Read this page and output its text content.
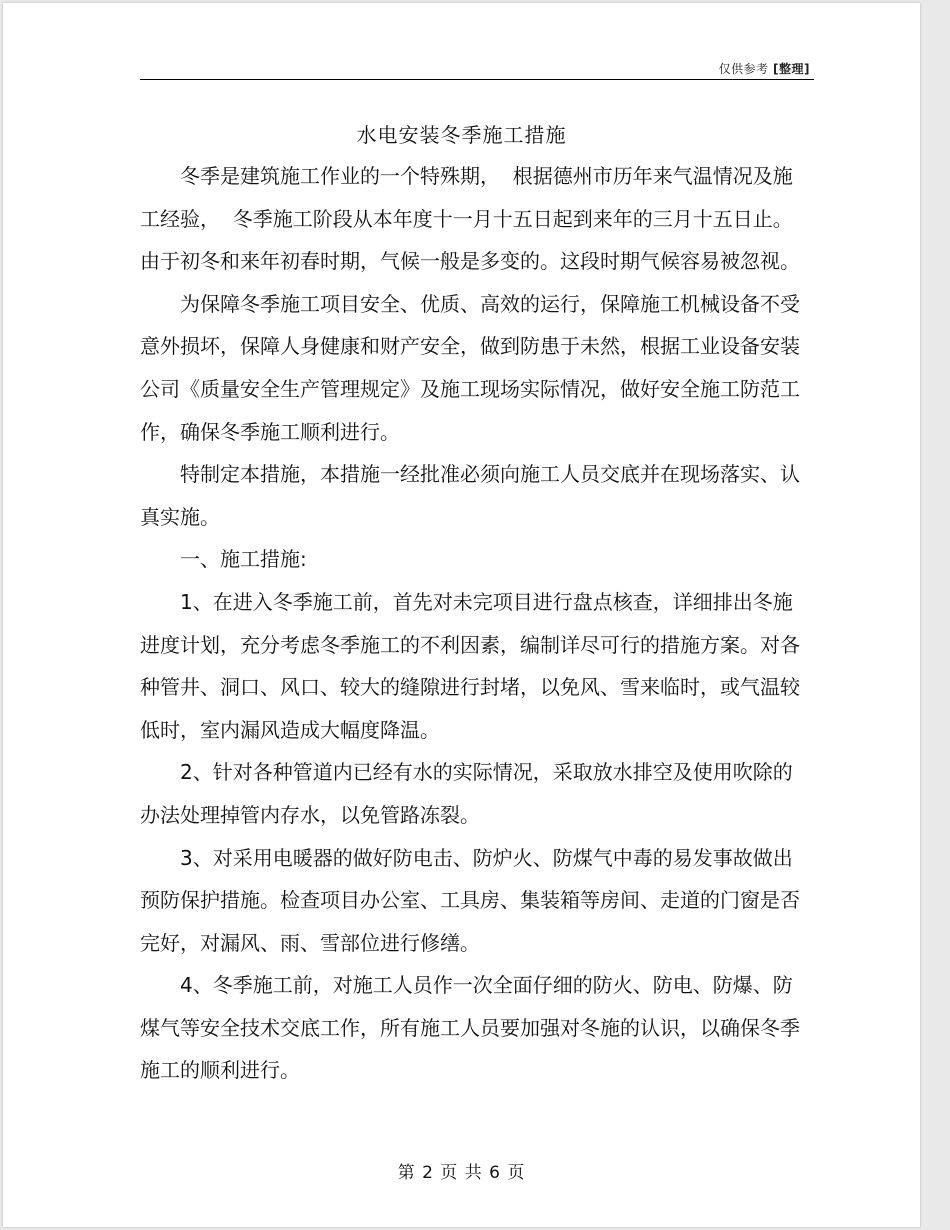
仅供参考 [整理]
水电安装冬季施工措施

冬季是建筑施工作业的一个特殊期，  根据德州市历年来气温情况及施工经验，  冬季施工阶段从本年度十一月十五日起到来年的三月十五日止。由于初冬和来年初春时期，气候一般是多变的。这段时期气候容易被忽视。

为保障冬季施工项目安全、优质、高效的运行，保障施工机械设备不受意外损坏，保障人身健康和财产安全，做到防患于未然，根据工业设备安装公司《质量安全生产管理规定》及施工现场实际情况，做好安全施工防范工作，确保冬季施工顺利进行。

特制定本措施，本措施一经批准必须向施工人员交底并在现场落实、认真实施。

一、施工措施:

1、在进入冬季施工前，首先对未完项目进行盘点核查，详细排出冬施进度计划，充分考虑冬季施工的不利因素，编制详尽可行的措施方案。对各种管井、洞口、风口、较大的缝隙进行封堵，以免风、雪来临时，或气温较低时，室内漏风造成大幅度降温。

2、针对各种管道内已经有水的实际情况，采取放水排空及使用吹除的办法处理掉管内存水，以免管路冻裂。

3、对采用电暖器的做好防电击、防炉火、防煤气中毒的易发事故做出预防保护措施。检查项目办公室、工具房、集装箱等房间、走道的门窗是否完好，对漏风、雨、雪部位进行修缮。

4、冬季施工前，对施工人员作一次全面仔细的防火、防电、防爆、防煤气等安全技术交底工作，所有施工人员要加强对冬施的认识，以确保冬季施工的顺利进行。

第 2 页 共 6 页
